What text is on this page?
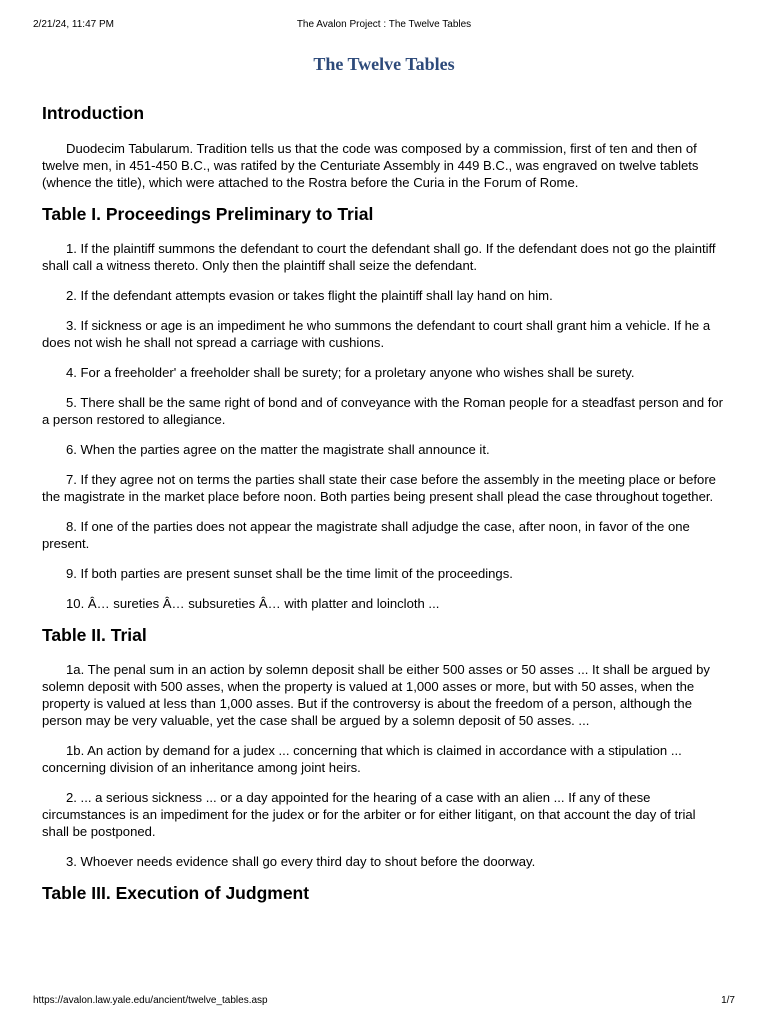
2/21/24, 11:47 PM	The Avalon Project : The Twelve Tables
The Twelve Tables
Introduction

Duodecim Tabularum. Tradition tells us that the code was composed by a commission, first of ten and then of twelve men, in 451-450 B.C., was ratifed by the Centuriate Assembly in 449 B.C., was engraved on twelve tablets (whence the title), which were attached to the Rostra before the Curia in the Forum of Rome.

Table I. Proceedings Preliminary to Trial

1. If the plaintiff summons the defendant to court the defendant shall go. If the defendant does not go the plaintiff shall call a witness thereto. Only then the plaintiff shall seize the defendant.

2. If the defendant attempts evasion or takes flight the plaintiff shall lay hand on him.

3. If sickness or age is an impediment he who summons the defendant to court shall grant him a vehicle. If he a does not wish he shall not spread a carriage with cushions.

4. For a freeholder' a freeholder shall be surety; for a proletary anyone who wishes shall be surety.

5. There shall be the same right of bond and of conveyance with the Roman people for a steadfast person and for a person restored to allegiance.

6. When the parties agree on the matter the magistrate shall announce it.

7. If they agree not on terms the parties shall state their case before the assembly in the meeting place or before the magistrate in the market place before noon. Both parties being present shall plead the case throughout together.

8. If one of the parties does not appear the magistrate shall adjudge the case, after noon, in favor of the one present.

9. If both parties are present sunset shall be the time limit of the proceedings.

10. Â… sureties Â… subsureties Â… with platter and loincloth ...

Table II. Trial

1a. The penal sum in an action by solemn deposit shall be either 500 asses or 50 asses ... It shall be argued by solemn deposit with 500 asses, when the property is valued at 1,000 asses or more, but with 50 asses, when the property is valued at less than 1,000 asses. But if the controversy is about the freedom of a person, although the person may be very valuable, yet the case shall be argued by a solemn deposit of 50 asses. ...

1b. An action by demand for a judex ... concerning that which is claimed in accordance with a stipulation ... concerning division of an inheritance among joint heirs.

2. ... a serious sickness ... or a day appointed for the hearing of a case with an alien ... If any of these circumstances is an impediment for the judex or for the arbiter or for either litigant, on that account the day of trial shall be postponed.

3. Whoever needs evidence shall go every third day to shout before the doorway.

Table III. Execution of Judgment
https://avalon.law.yale.edu/ancient/twelve_tables.asp	1/7
